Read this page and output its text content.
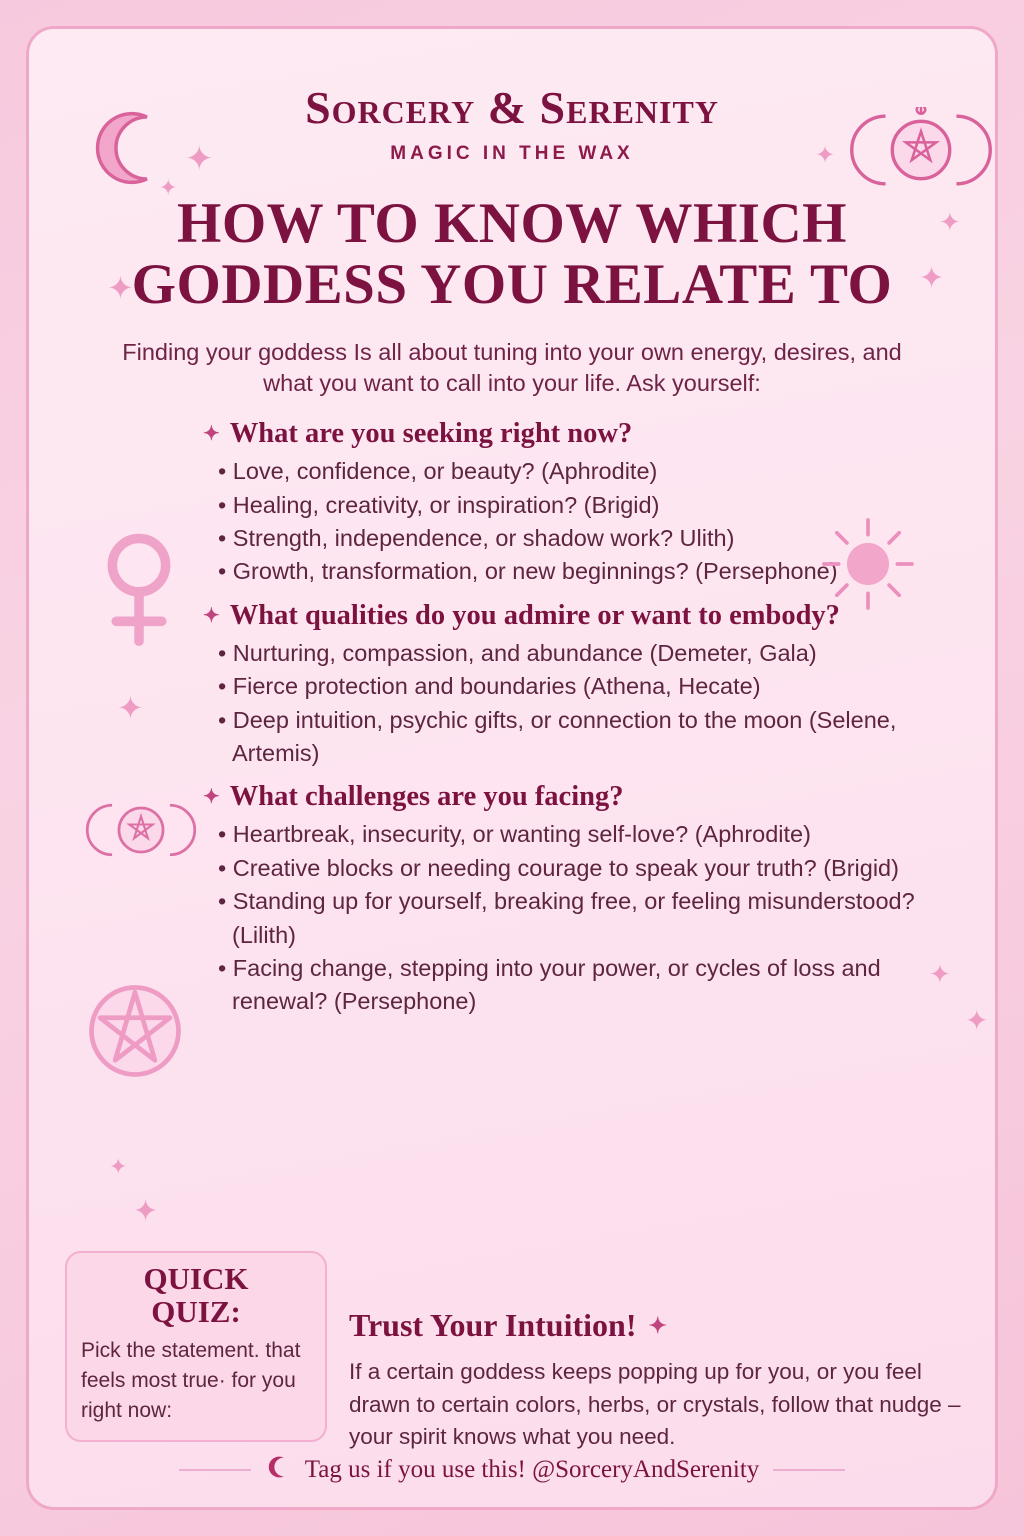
✦
✦
✦
✦
✦	✦
✦
✦
✦
✦
✦
Sorcery & Serenity
MAGIC IN THE WAX
HOW TO KNOW WHICH GODDESS YOU RELATE TO
Finding your goddess Is all about tuning into your own energy, desires, and what you want to call into your life. Ask yourself:
✦ What are you seeking right now?
• Love, confidence, or beauty? (Aphrodite)
• Healing, creativity, or inspiration? (Brigid)
• Strength, independence, or shadow work? Ulith)
• Growth, transformation, or new beginnings? (Persephone)
✦ What qualities do you admire or want to embody?
• Nurturing, compassion, and abundance (Demeter, Gala)
• Fierce protection and boundaries (Athena, Hecate)
• Deep intuition, psychic gifts, or connection to the moon (Selene, Artemis)
✦ What challenges are you facing?
• Heartbreak, insecurity, or wanting self-love? (Aphrodite)
• Creative blocks or needing courage to speak your truth? (Brigid)
• Standing up for yourself, breaking free, or feeling misunderstood? (Lilith)
• Facing change, stepping into your power, or cycles of loss and renewal? (Persephone)
QUICK
QUIZ:
Pick the statement. that feels most true· for you right now:
Trust Your Intuition! ✦
If a certain goddess keeps popping up for you, or you feel drawn to certain colors, herbs, or crystals, follow that nudge – your spirit knows what you need.
Tag us if you use this! @SorceryAndSerenity
